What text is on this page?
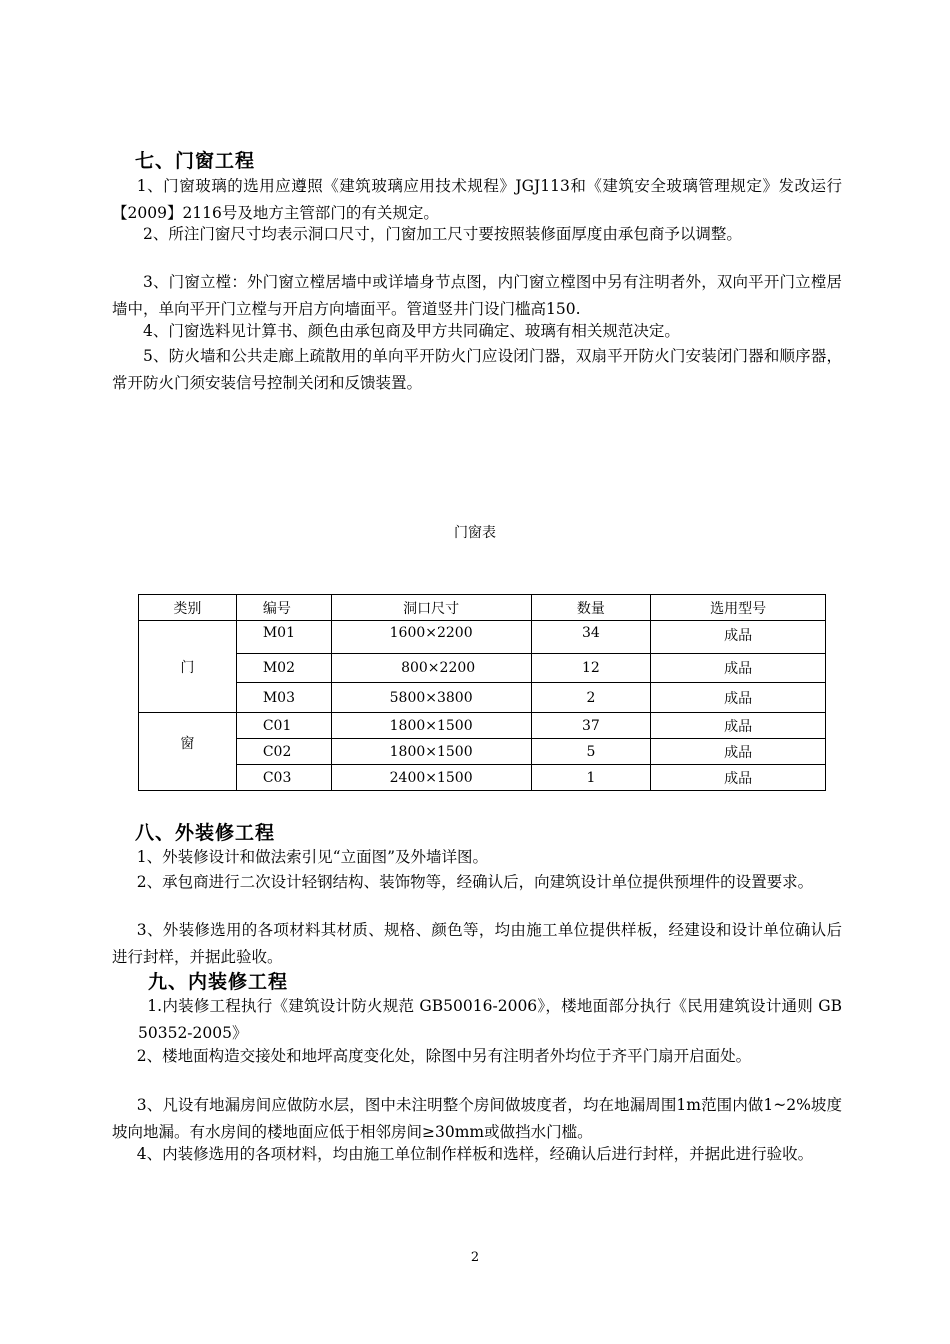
七、门窗工程
1、门窗玻璃的选用应遵照《建筑玻璃应用技术规程》JGJ113和《建筑安全玻璃管理规定》发改运行【2009】2116号及地方主管部门的有关规定。
2、所注门窗尺寸均表示洞口尺寸，门窗加工尺寸要按照装修面厚度由承包商予以调整。
3、门窗立樘：外门窗立樘居墙中或详墙身节点图，内门窗立樘图中另有注明者外，双向平开门立樘居墙中，单向平开门立樘与开启方向墙面平。管道竖井门设门槛高150.
4、门窗选料见计算书、颜色由承包商及甲方共同确定、玻璃有相关规范决定。
5、防火墙和公共走廊上疏散用的单向平开防火门应设闭门器，双扇平开防火门安装闭门器和顺序器，常开防火门须安装信号控制关闭和反馈装置。
门窗表
类别	编号	洞口尺寸	数量	选用型号
门	M01	1600×2200	34	成品
	M02	800×2200	12	成品
	M03	5800×3800	2	成品
窗	C01	1800×1500	37	成品
	C02	1800×1500	5	成品
	C03	2400×1500	1	成品
八、外装修工程
1、外装修设计和做法索引见“立面图”及外墙详图。
2、承包商进行二次设计轻钢结构、装饰物等，经确认后，向建筑设计单位提供预埋件的设置要求。
3、外装修选用的各项材料其材质、规格、颜色等，均由施工单位提供样板，经建设和设计单位确认后进行封样，并据此验收。
九、内装修工程
1.内装修工程执行《建筑设计防火规范 GB50016-2006》，楼地面部分执行《民用建筑设计通则 GB 50352-2005》
2、楼地面构造交接处和地坪高度变化处，除图中另有注明者外均位于齐平门扇开启面处。
3、凡设有地漏房间应做防水层，图中未注明整个房间做坡度者，均在地漏周围1m范围内做1~2%坡度坡向地漏。有水房间的楼地面应低于相邻房间≥30mm或做挡水门槛。
4、内装修选用的各项材料，均由施工单位制作样板和选样，经确认后进行封样，并据此进行验收。
2
